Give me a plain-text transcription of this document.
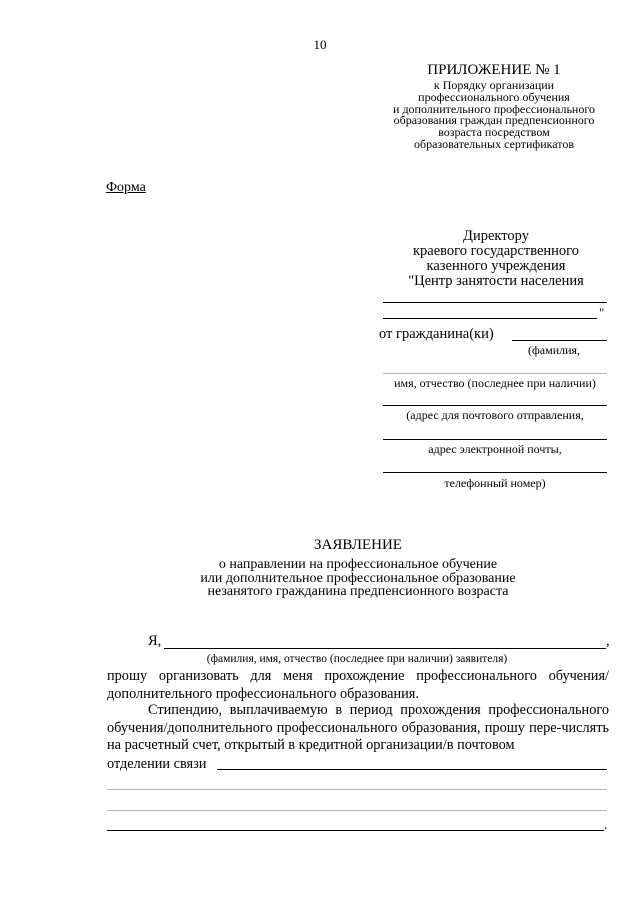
10
ПРИЛОЖЕНИЕ № 1
к Порядку организации
профессионального обучения
и дополнительного профессионального
образования граждан предпенсионного
возраста посредством
образовательных сертификатов
Форма
Директору
краевого государственного
казенного учреждения
"Центр занятости населения
"
от гражданина(ки)
(фамилия,
имя, отчество (последнее при наличии)
(адрес для почтового отправления,
адрес электронной почты,
телефонный номер)
ЗАЯВЛЕНИЕ
о направлении на профессиональное обучение
или дополнительное профессиональное образование
незанятого гражданина предпенсионного возраста
Я,	,
(фамилия, имя, отчество (последнее при наличии) заявителя)
прошу организовать для меня прохождение профессионального обучения/ дополнительного профессионального образования.
Стипендию, выплачиваемую в период прохождения профессионального обучения/дополнительного профессионального образования, прошу пере-числять на расчетный счет, открытый в кредитной организации/в почтовом
отделении связи
.
